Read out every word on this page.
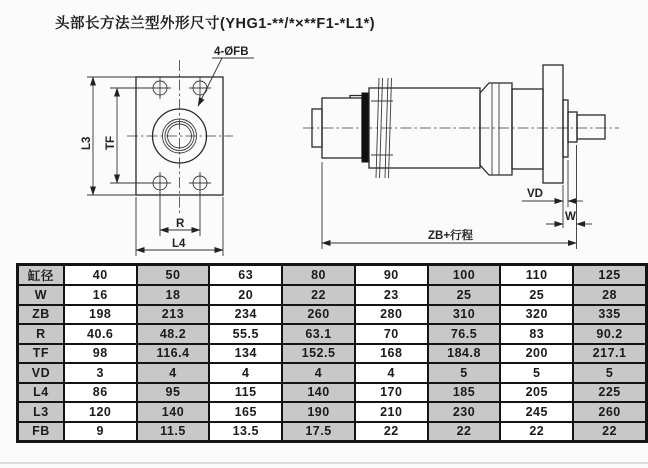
头部长方法兰型外形尺寸(YHG1-**/*×**F1-*L1*)
4-ØFB
L3 TF
R
L4
VD
W
ZB+行程
缸径	40	50	63	80	90	100	110	125
W	16	18	20	22	23	25	25	28
ZB	198	213	234	260	280	310	320	335
R	40.6	48.2	55.5	63.1	70	76.5	83	90.2
TF	98	116.4	134	152.5	168	184.8	200	217.1
VD	3	4	4	4	4	5	5	5
L4	86	95	115	140	170	185	205	225
L3	120	140	165	190	210	230	245	260
FB	9	11.5	13.5	17.5	22	22	22	22
